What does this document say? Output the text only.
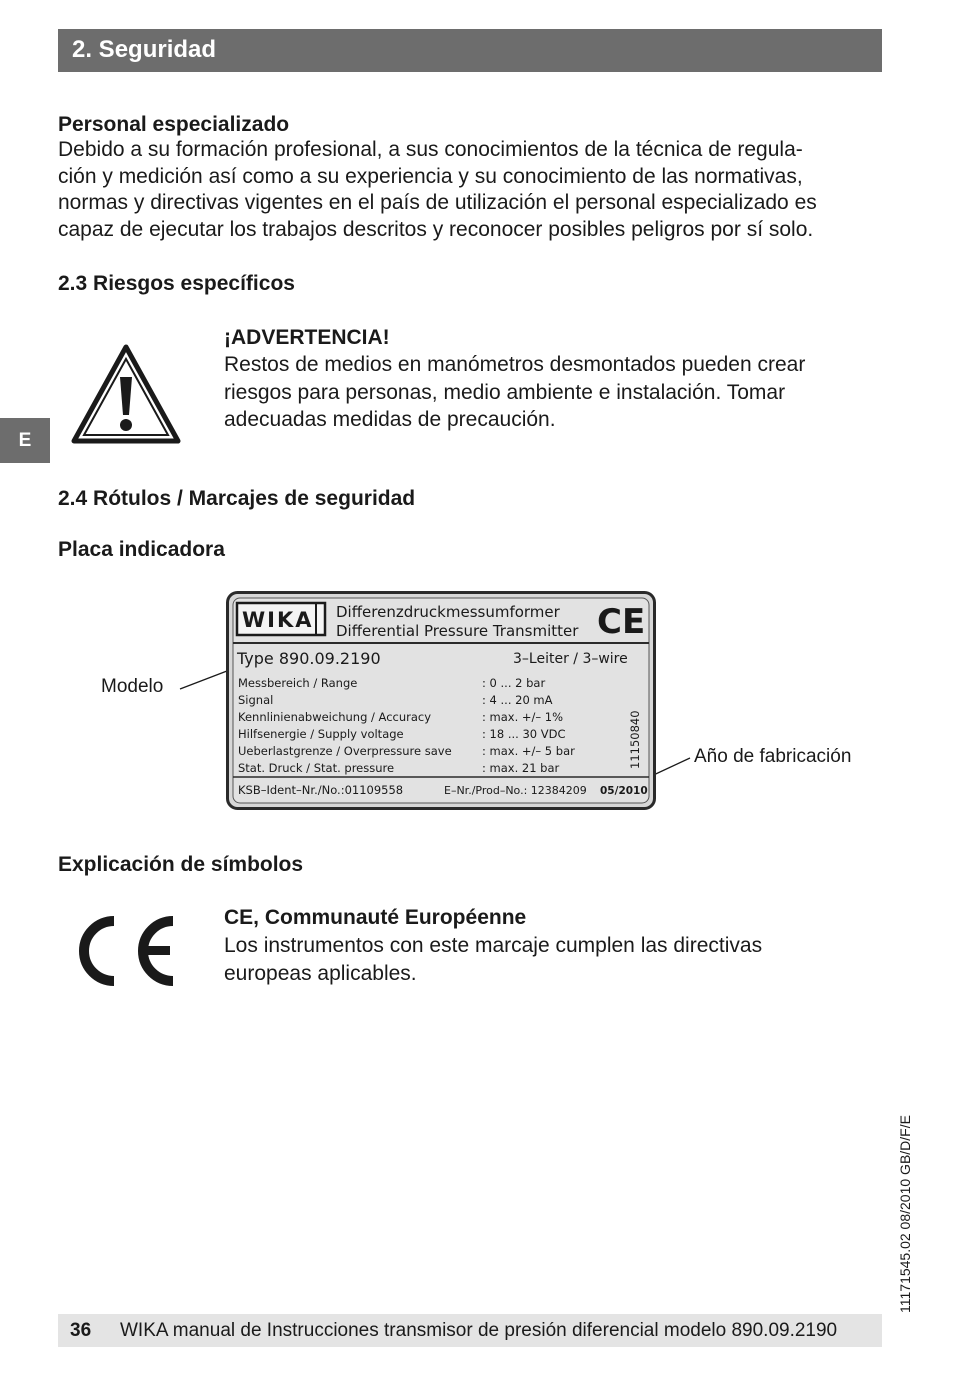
2. Seguridad
Personal especializado
Debido a su formación profesional, a sus conocimientos de la técnica de regula-
ción y medición así como a su experiencia y su conocimiento de las normativas,
normas y directivas vigentes en el país de utilización el personal especializado es
capaz de ejecutar los trabajos descritos y reconocer posibles peligros por sí solo.
2.3 Riesgos específicos
¡ADVERTENCIA!
Restos de medios en manómetros desmontados pueden crear
riesgos para personas, medio ambiente e instalación. Tomar
adecuadas medidas de precaución.
E
2.4 Rótulos / Marcajes de seguridad
Placa indicadora
Modelo
Año de fabricación
WIKA Differenzdruckmessumformer
Differential Pressure Transmitter CE
Type 890.09.2190	3–Leiter / 3–wire
Messbereich / Range	: 0 ... 2 bar
Signal	: 4 ... 20 mA
Kennlinienabweichung / Accuracy	: max. +/– 1%
Hilfsenergie / Supply voltage	: 18 ... 30 VDC
Ueberlastgrenze / Overpressure save	: max. +/– 5 bar
Stat. Druck / Stat. pressure	: max. 21 bar	11150840
KSB–Ident–Nr./No.:01109558	E–Nr./Prod–No.: 12384209 05/2010
Explicación de símbolos
CE, Communauté Européenne
Los instrumentos con este marcaje cumplen las directivas
europeas aplicables.
11171545.02 08/2010 GB/D/F/E
36 WIKA manual de Instrucciones transmisor de presión diferencial modelo 890.09.2190
